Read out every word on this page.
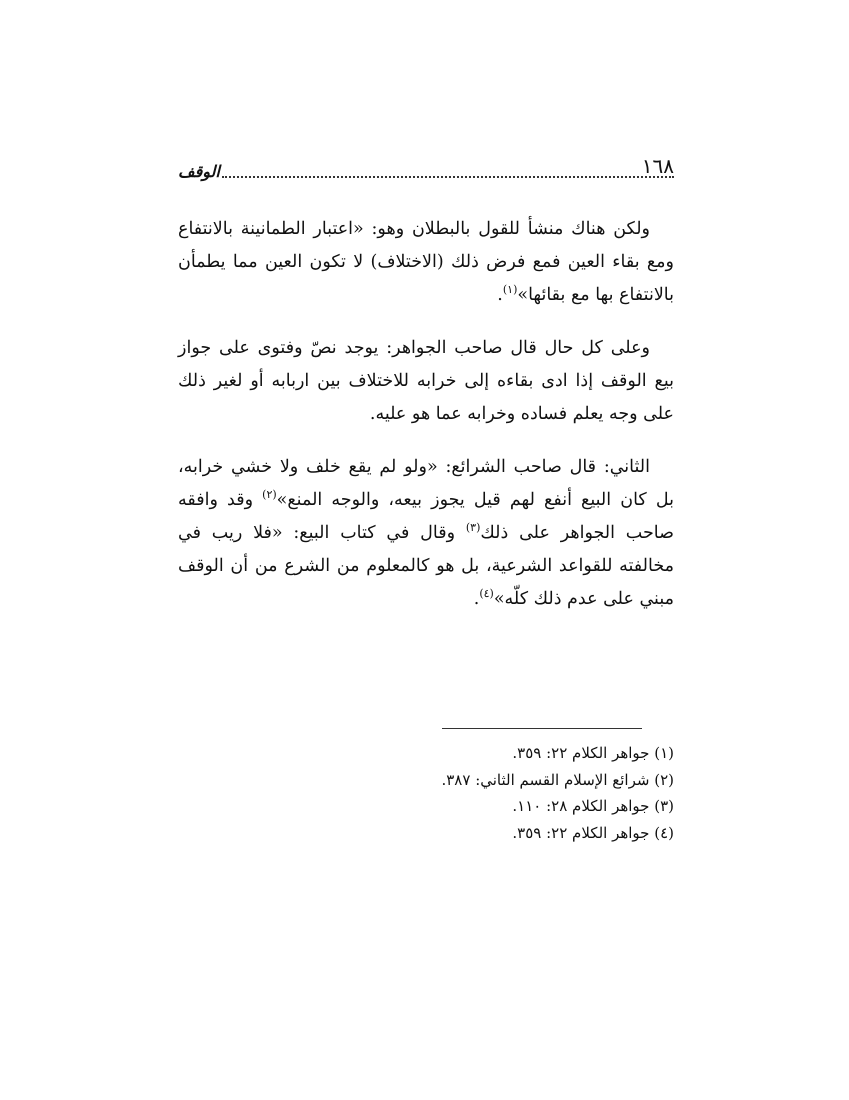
١٦٨
الوقف

ولكن هناك منشأ للقول بالبطلان وهو: «اعتبار الطمانينة بالانتفاع ومع بقاء العين فمع فرض ذلك (الاختلاف) لا تكون العين مما يطمأن بالانتفاع بها مع بقائها»$^{(١)}$.

وعلى كل حال قال صاحب الجواهر: يوجد نصّ وفتوى على جواز بيع الوقف إذا ادى بقاءه إلى خرابه للاختلاف بين اربابه أو لغير ذلك على وجه يعلم فساده وخرابه عما هو عليه.

الثاني: قال صاحب الشرائع: «ولو لم يقع خلف ولا خشي خرابه، بل كان البيع أنفع لهم قيل يجوز بيعه، والوجه المنع»$^{(٢)}$ وقد وافقه صاحب الجواهر على ذلك$^{(٣)}$ وقال في كتاب البيع: «فلا ريب في مخالفته للقواعد الشرعية، بل هو كالمعلوم من الشرع من أن الوقف مبني على عدم ذلك كلّه»$^{(٤)}$.

(١) جواهر الكلام ٢٢: ٣٥٩.

(٢) شرائع الإسلام القسم الثاني: ٣٨٧.

(٣) جواهر الكلام ٢٨: ١١٠.

(٤) جواهر الكلام ٢٢: ٣٥٩.
